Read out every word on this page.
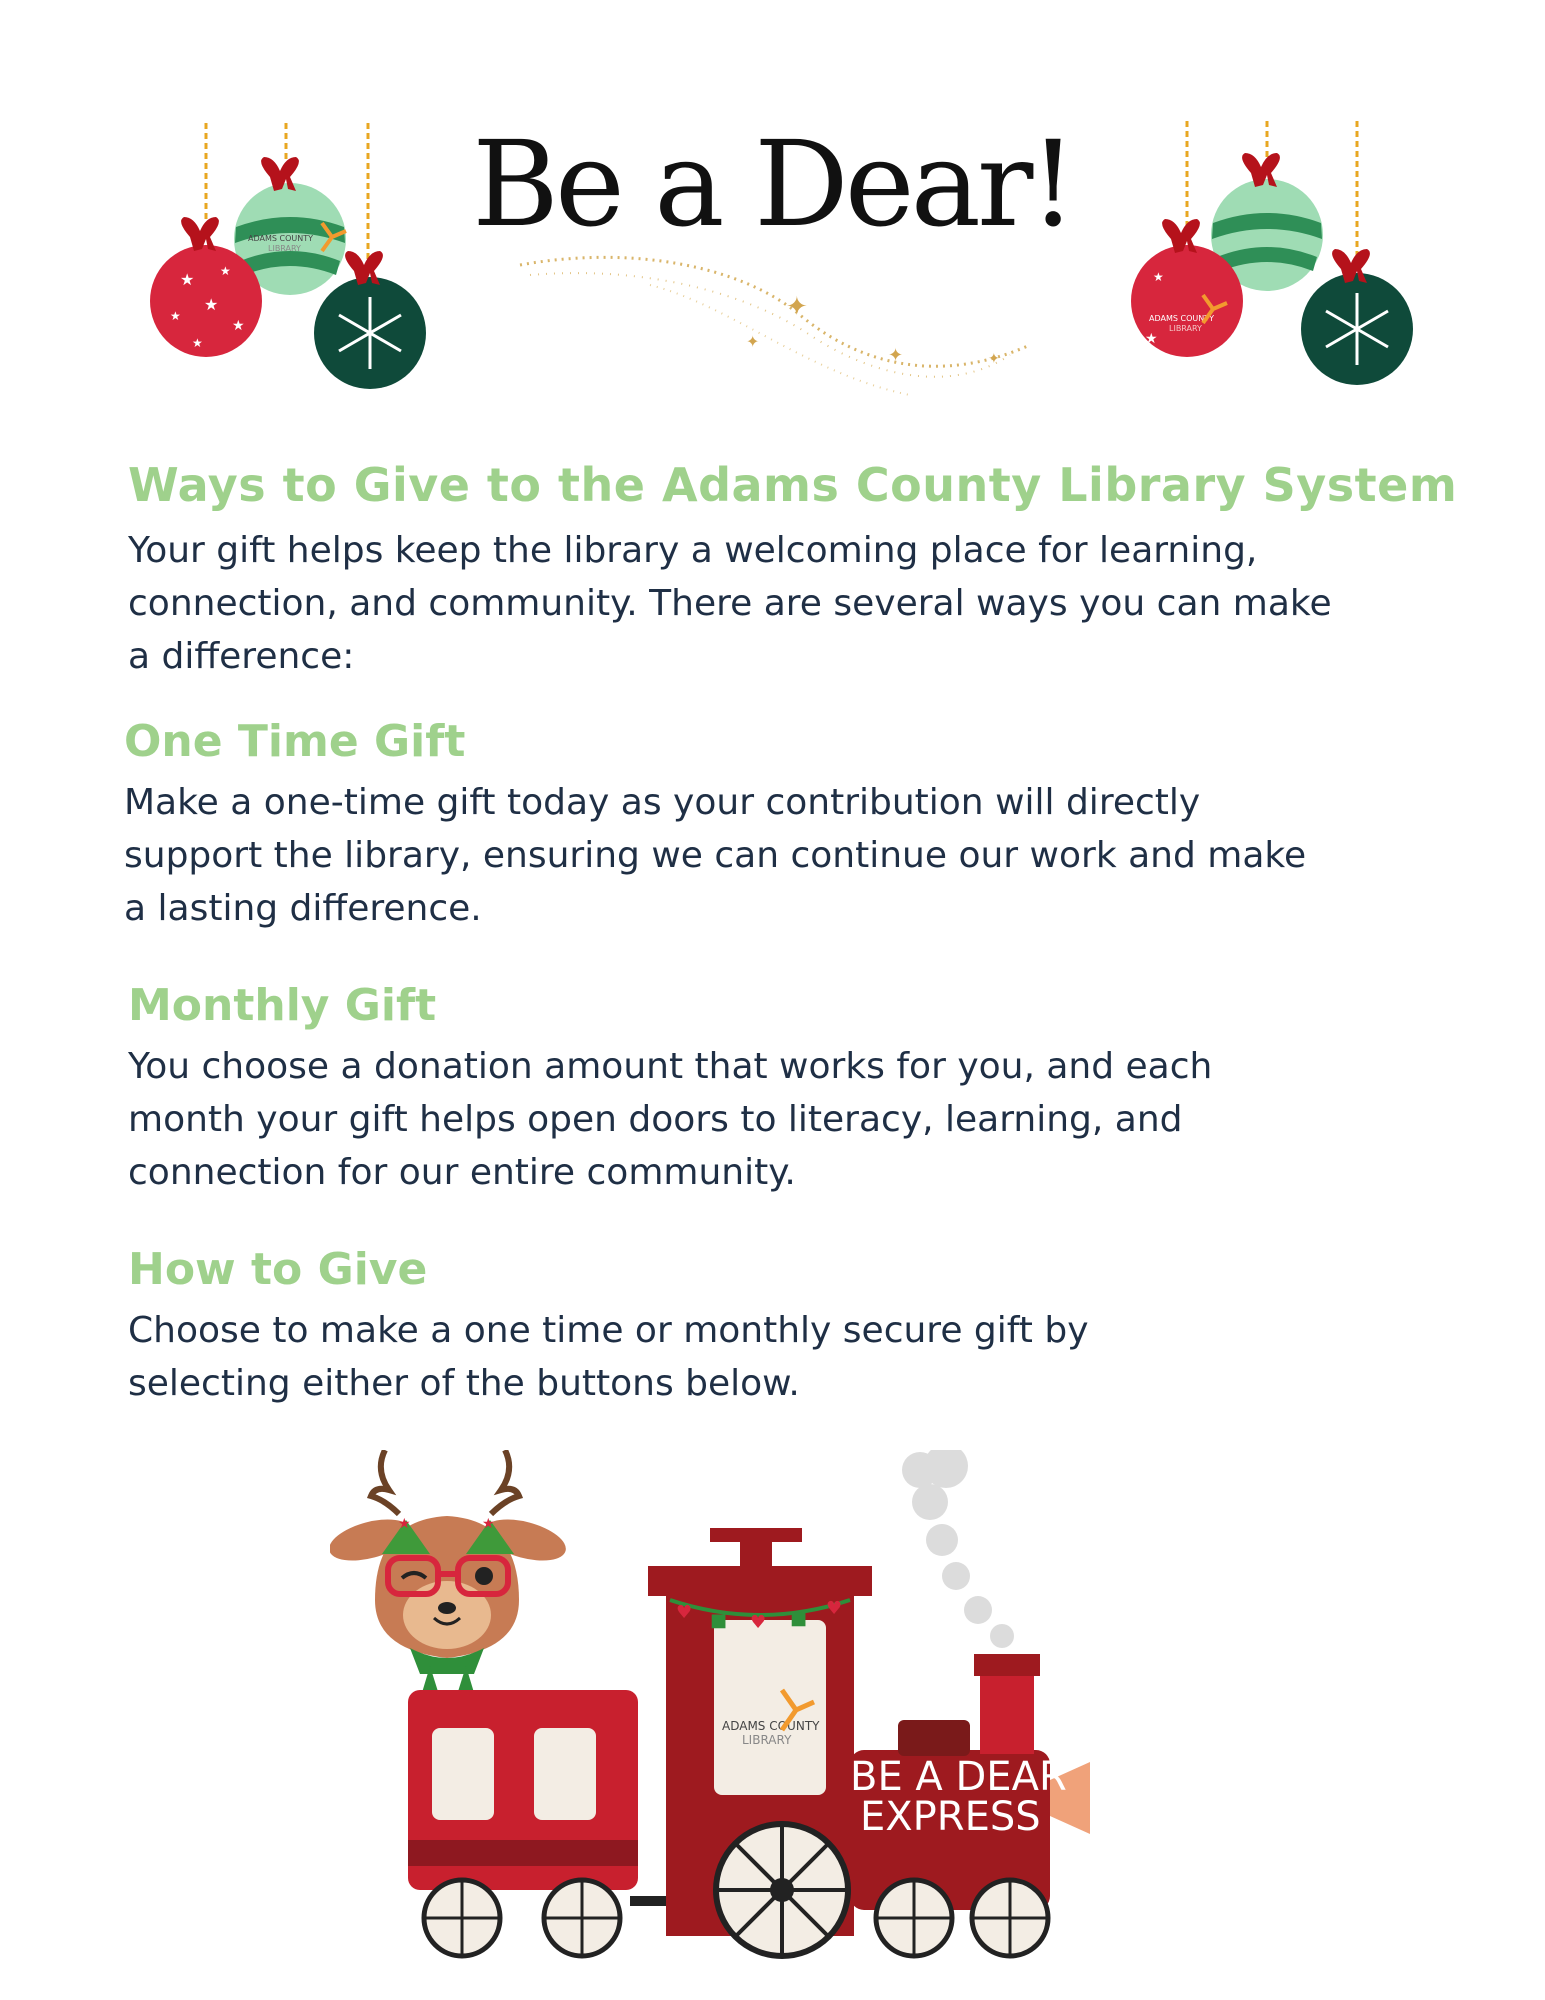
Be a Dear!
ADAMS COUNTY
LIBRARY
★ ★
★
★
★
★
ADAMS COUNTY
LIBRARY
★
★
✦
✦
✦	✦
Ways to Give to the Adams County Library System
Your gift helps keep the library a welcoming place for learning,
connection, and community. There are several ways you can make
a difference:
One Time Gift
Make a one-time gift today as your contribution will directly
support the library, ensuring we can continue our work and make
a lasting difference.
Monthly Gift
You choose a donation amount that works for you, and each
month your gift helps open doors to literacy, learning, and
connection for our entire community.
How to Give
Choose to make a one time or monthly secure gift by
selecting either of the buttons below.
★	★
ADAMS COUNTY
LIBRARY
BE A DEAR
EXPRESS
♥ ■ ♥ ■ ♥
